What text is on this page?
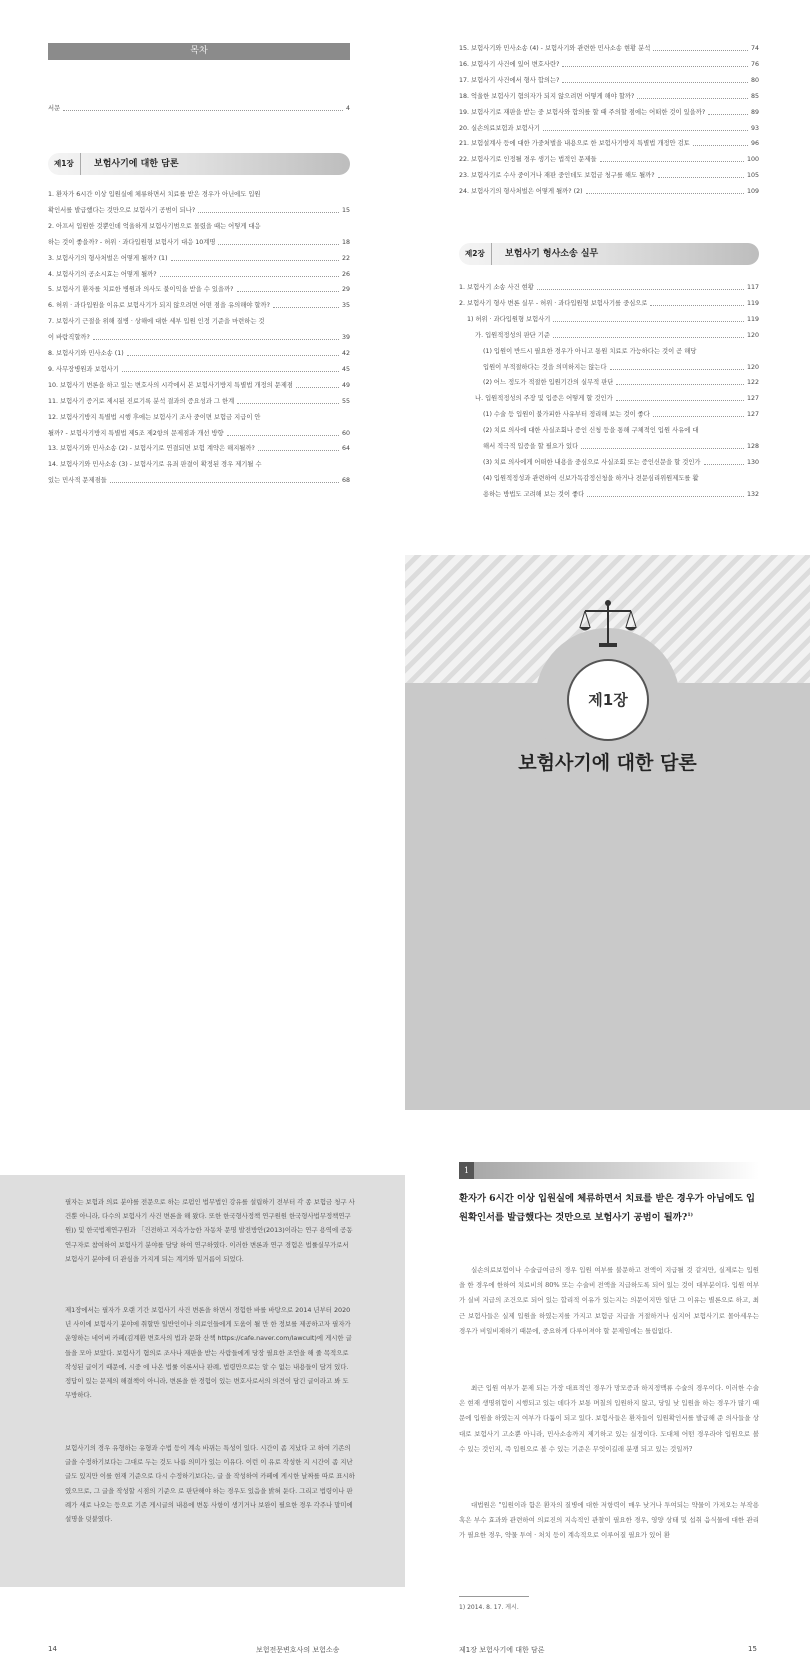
목차
서문	4
제1장	보험사기에 대한 담론
1. 환자가 6시간 이상 입원실에 체류하면서 치료를 받은 경우가 아닌에도 입원
확인서를 발급했다는 것만으로 보험사기 공범이 되나?	15
2. 아프서 입원한 것뿐인데 억울하게 보험사기범으로 몰렸을 때는 어떻게 대응
하는 것이 좋을까? - 허위 · 과다입원형 보험사기 대응 10계명	18
3. 보험사기의 형사처벌은 어떻게 될까? (1)	22
4. 보험사기의 공소시효는 어떻게 될까?	26
5. 보험사기 환자를 치료한 병원과 의사도 불이익을 받을 수 있을까?	29
6. 허위 · 과다입원을 이유로 보험사기가 되지 않으려면 어떤 점을 유의해야 할까?	35
7. 보험사기 근절을 위해 질병 · 상해에 대한 세부 입원 인정 기준을 마련하는 것
이 바람직할까?	39
8. 보험사기와 민사소송 (1)	42
9. 사무장병원과 보험사기	45
10. 보험사기 변론을 하고 있는 변호사의 시각에서 본 보험사기방지 특별법 개정의 문제점	49
11. 보험사기 증거로 제시된 진료기록 분석 결과의 증요성과 그 한계	55
12. 보험사기방지 특별법 시행 후에는 보험사기 조사 중이면 보험금 지급이 안
될까? - 보험사기방지 특별법 제5조 제2항의 문제점과 개선 방향	60
13. 보험사기와 민사소송 (2) - 보험사기로 연결되면 보험 계약은 해지될까?	64
14. 보험사기와 민사소송 (3) - 보험사기로 유죄 판결이 확정된 경우 제기될 수
있는 민사적 문제점들	68
15. 보험사기와 민사소송 (4) - 보험사기와 관련한 민사소송 현황 분석	74
16. 보험사기 사건에 있어 변호사란?	76
17. 보험사기 사건에서 형사 합의는?	80
18. 억울한 보험사기 혐의자가 되지 않으려면 어떻게 해야 할까?	85
19. 보험사기로 재판을 받는 중 보험사와 합의를 할 때 주의할 점에는 어떠한 것이 있을까?	89
20. 실손의료보험과 보험사기	93
21. 보험설계사 등에 대한 가중처벌을 내용으로 한 보험사기방지 특별법 개정안 검토	96
22. 보험사기로 인정될 경우 생기는 법적인 문제들	100
23. 보험사기로 수사 중이거나 재판 중인데도 보험금 청구를 해도 될까?	105
24. 보험사기의 형사처벌은 어떻게 될까? (2)	109
제2장	보험사기 형사소송 실무
1. 보험사기 소송 사건 현황	117
2. 보험사기 형사 변론 실무 - 허위 · 과다입원형 보험사기를 중심으로	119
1) 허위 · 과다입원형 보험사기	119
가. 입원적정성의 판단 기준	120
(1) 입원이 반드시 필요한 경우가 아니고 통원 치료로 가능하다는 것이 곧 해당
입원이 부적절하다는 것을 의미하지는 않는다	120
(2) 어느 정도가 적절한 입원기간의 실무적 판단	122
나. 입원적정성의 주장 및 입증은 어떻게 할 것인가	127
(1) 수술 등 입원이 불가피한 사유부터 정리해 보는 것이 좋다	127
(2) 치료 의사에 대한 사실조회나 증인 신청 등을 통해 구체적인 입원 사유에 대
해서 적극적 입증을 할 필요가 있다	128
(3) 치료 의사에게 어떠한 내용을 중심으로 사실조회 또는 증인신문을 할 것인가	130
(4) 입원적정성과 관련하여 신보가독감정신청을 하거나 전문심리위원제도를 활
용하는 방법도 고려해 보는 것이 좋다	132
제1장
보험사기에 대한 담론
필자는 보험과 의료 분야를 전문으로 하는 로펌인 법무법인 강유를 설립하기 전부터 각 종 보험금 청구 사건뿐 아니라, 다수의 보험사기 사건 변론을 해 왔다. 또한 한국형사정책 연구원원 한국형사법무정책연구원)) 및 한국법제연구원과 「건전하고 지속가능한 자동차 문명 발전방안(2013)이라는 연구 용역에 공동연구자로 참여하여 보험사기 분야를 담당 하여 연구하였다. 이러한 변론과 연구 경험은 법률실무가로서 보험사기 분야에 더 관심을 가지게 되는 계기와 밑거름이 되었다.
제1장에서는 필자가 오랜 기간 보험사기 사건 변론을 하면서 경험한 바를 바탕으로 2014 년부터 2020년 사이에 보험사기 분야에 취할만 일반인이나 의료인들에게 도움이 될 만 한 정보를 제공하고자 필자가 운영하는 네이버 카페(김계환 변호사의 법과 문화 산책 https://cafe.naver.com/lawcult)에 게시한 글들을 모아 보았다. 보험사기 혐의로 조사나 재판을 받는 사람들에게 당장 필요한 조언을 해 줄 목적으로 작성된 글이기 때문에, 시중 에 나온 법률 이론서나 판례, 법령만으로는 알 수 없는 내용들이 담겨 있다. 정답이 있는 문제의 해결책이 아니라, 변론을 한 경험이 있는 변호사로서의 의견이 담긴 글이라고 봐 도 무방하다.
보험사기의 경우 유형하는 유형과 수법 등이 계속 바뀌는 특성이 있다. 시간이 좀 지났다 고 하여 기존의 글을 수정하기보다는 그대로 두는 것도 나름 의미가 있는 이유다. 이런 이 유로 작성한 지 시간이 좀 지난 글도 있지만 이를 현재 기준으로 다시 수정하기보다는, 글 을 작성하여 카페에 게시한 날짜를 따로 표시하였으므로, 그 글을 작성할 시점의 기준으 로 판단해야 하는 경우도 있음을 밝혀 둔다. 그리고 법령이나 판례가 새로 나오는 등으로 기존 게시글의 내용에 변동 사항이 생기거나 보완이 필요한 경우 각주나 말미에 설명을 덧붙였다.
1
환자가 6시간 이상 입원실에 체류하면서 치료를 받은 경우가 아님에도 입원확인서를 발급했다는 것만으로 보험사기 공범이 될까?$^{1)}$
실손의료보험이나 수술급여금의 경우 입원 여부를 불문하고 전액이 지급될 것 같지만, 실제로는 입원을 한 경우에 한하여 치료비의 80% 또는 수술비 전액을 지급하도록 되어 있는 것이 대부분이다. 입원 여부가 실비 지급의 조건으로 되어 있는 합리적 이유가 있는지는 의문이지만 일단 그 이유는 별론으로 하고, 최근 보험사들은 실제 입원을 하였는지를 가지고 보험금 지급을 거절하거나 심지어 보험사기로 몰아세우는 경우가 비일비재하기 때문에, 중요하게 다루어져야 할 문제임에는 틀림없다.
최근 입원 여부가 문제 되는 가장 대표적인 경우가 망모증과 하지정맥류 수술의 경우이다. 이러한 수술은 현재 생명위험이 시행되고 있는 데다가 보통 며칠의 입원하지 않고, 당일 낮 입원을 하는 경우가 많기 때문에 입원을 하였는지 여부가 다툼이 되고 있다. 보험사들은 환자들이 입원확인서를 발급해 준 의사들을 상대로 보험사기 고소뿐 아니라, 민사소송까지 제기하고 있는 실정이다. 도대체 어떤 경우라야 입원으로 볼 수 있는 것인지, 즉 입원으로 볼 수 있는 기준은 무엇이길래 분쟁 되고 있는 것일까?
대법원은 "입원이라 함은 환자의 질병에 대한 저항력이 매우 낮거나 투여되는 약물이 가져오는 부작용 혹은 부수 효과와 관련하여 의료진의 지속적인 관찰이 필요한 경우, 영양 상태 및 섭취 음식물에 대한 관리가 필요한 경우, 약물 투여 · 처치 등이 계속적으로 이루어질 필요가 있어 환
1) 2014. 8. 17. 게시.
14	보험전문변호사의 보험소송	제1장 보험사기에 대한 담론	15
